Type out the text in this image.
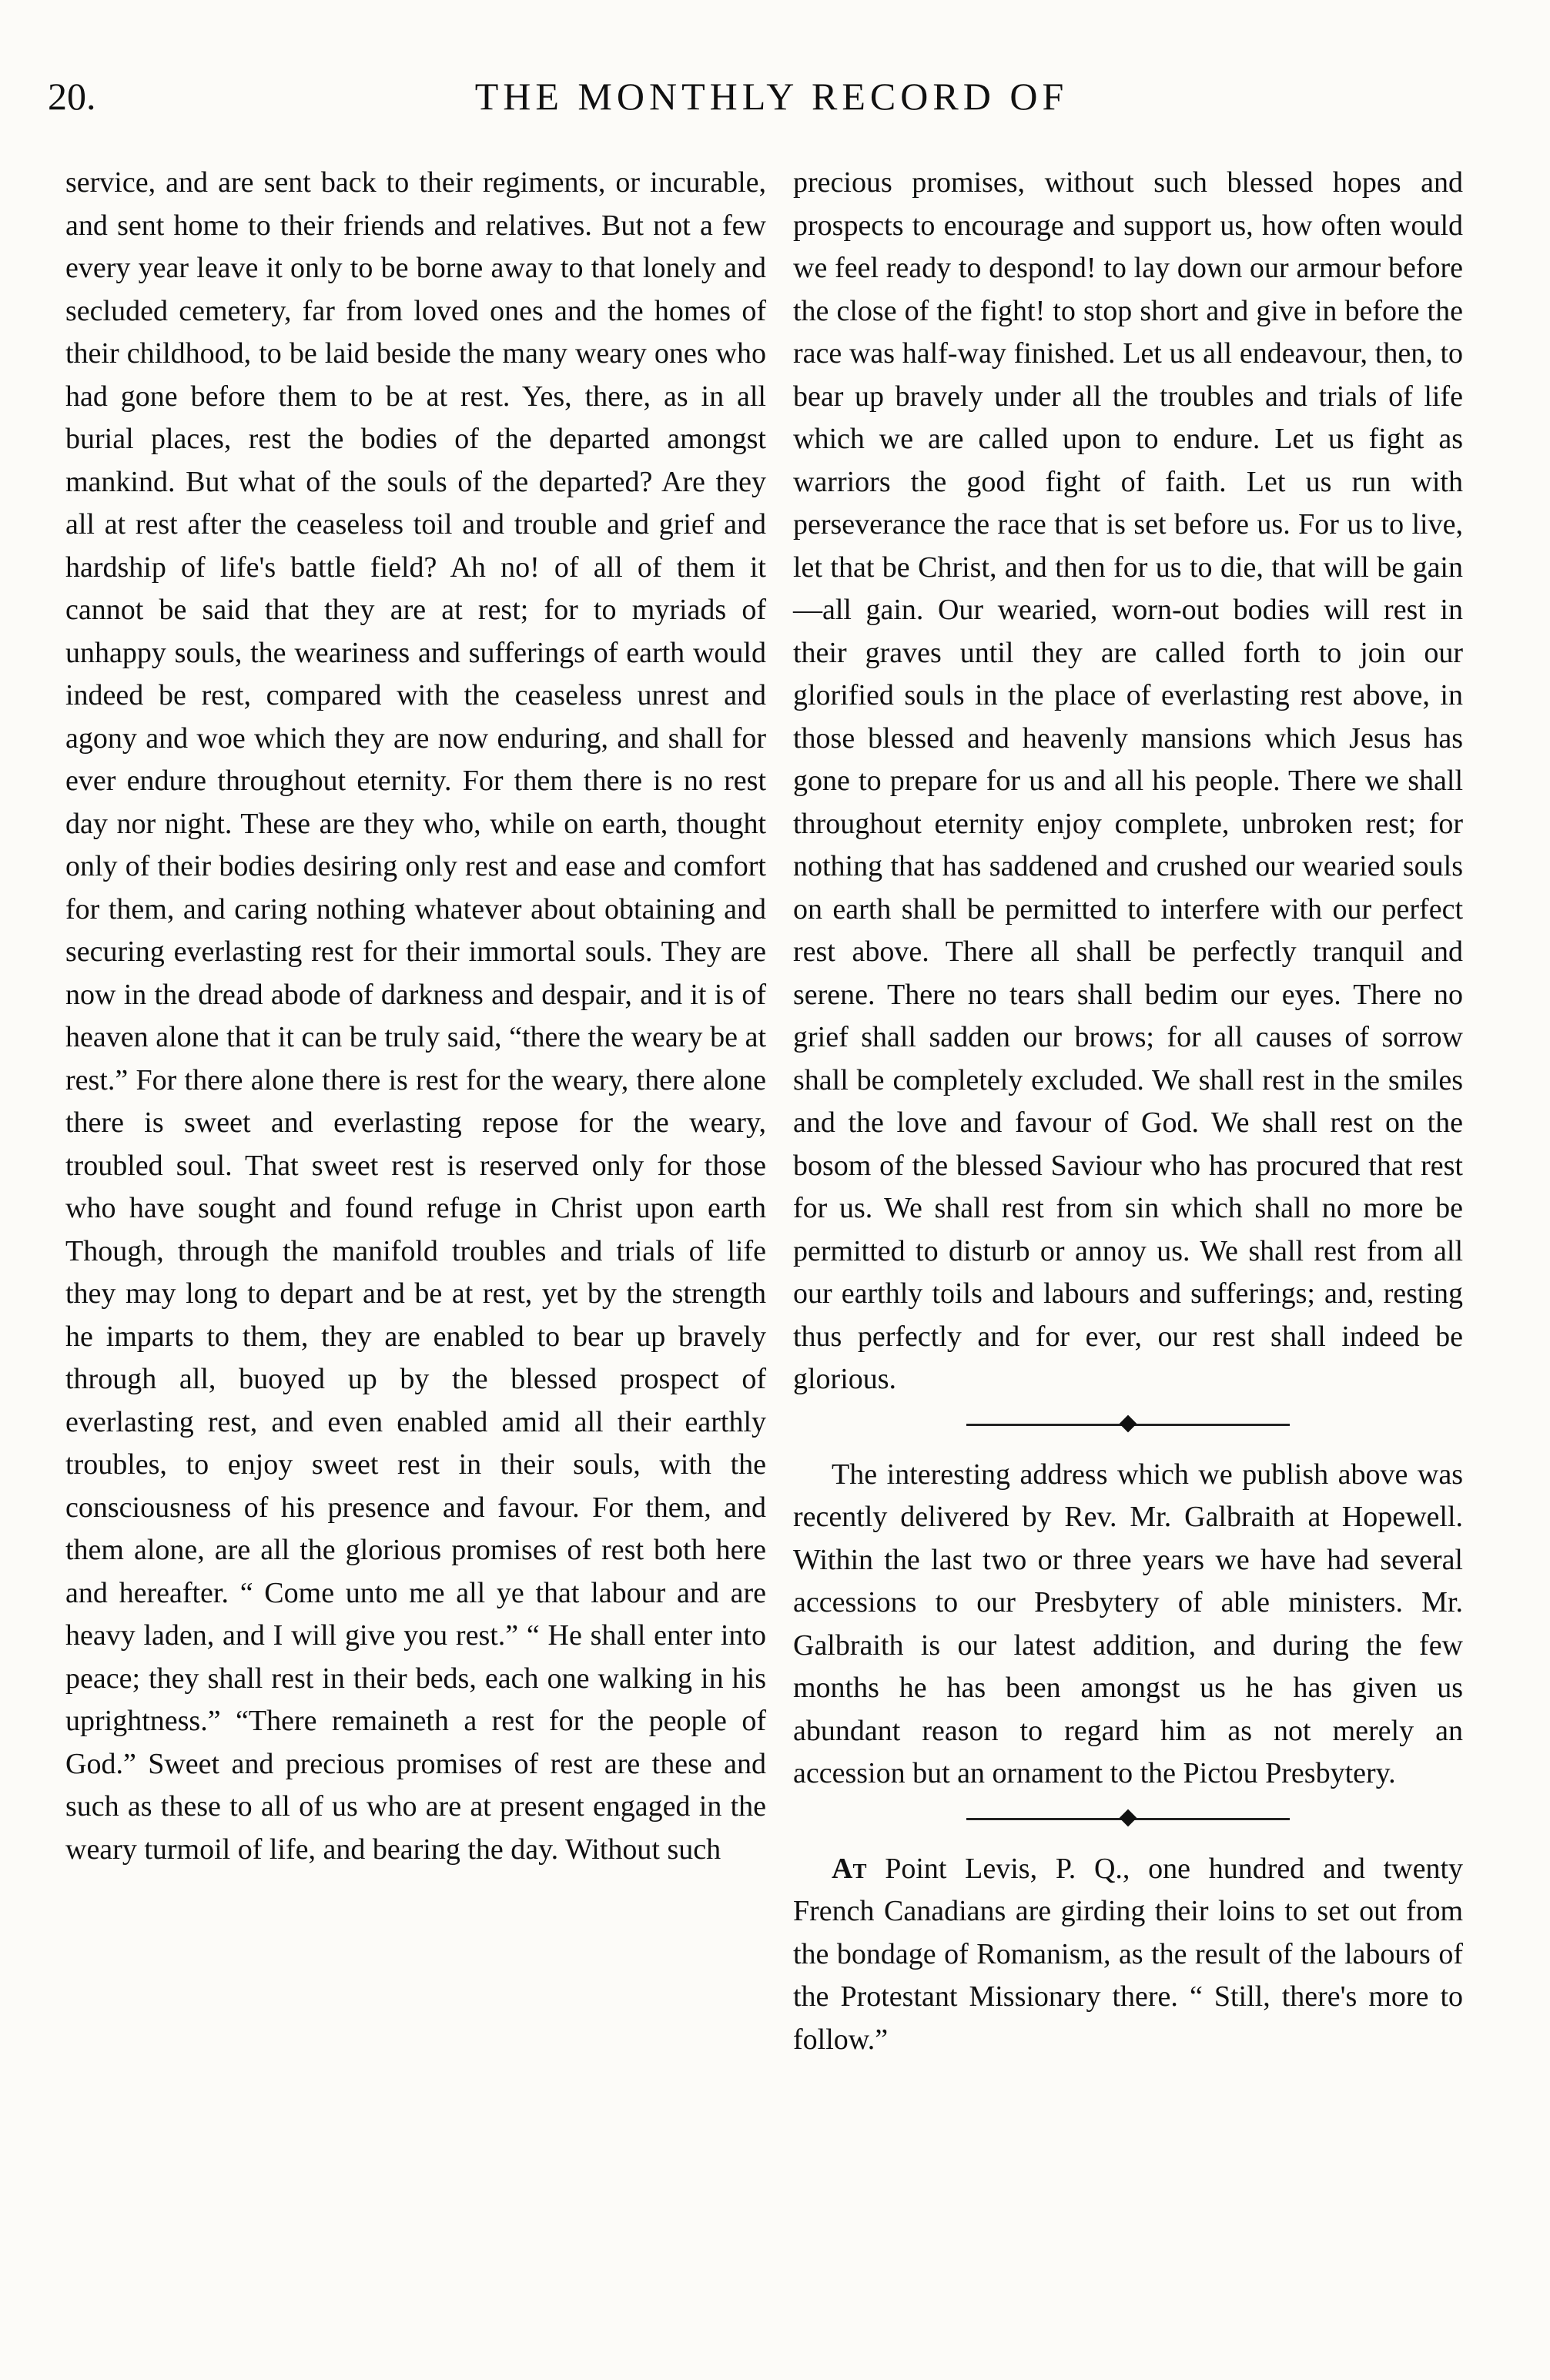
20.	THE MONTHLY RECORD OF

service, and are sent back to their regiments, or incurable, and sent home to their friends and relatives. But not a few every year leave it only to be borne away to that lonely and secluded cemetery, far from loved ones and the homes of their childhood, to be laid beside the many weary ones who had gone before them to be at rest. Yes, there, as in all burial places, rest the bodies of the departed amongst mankind. But what of the souls of the departed? Are they all at rest after the ceaseless toil and trouble and grief and hardship of life's battle field? Ah no! of all of them it cannot be said that they are at rest; for to myriads of unhappy souls, the weariness and sufferings of earth would indeed be rest, compared with the ceaseless unrest and agony and woe which they are now enduring, and shall for ever endure throughout eternity. For them there is no rest day nor night. These are they who, while on earth, thought only of their bodies desiring only rest and ease and comfort for them, and caring nothing whatever about obtaining and securing everlasting rest for their immortal souls. They are now in the dread abode of darkness and despair, and it is of heaven alone that it can be truly said, “there the weary be at rest.” For there alone there is rest for the weary, there alone there is sweet and everlasting repose for the weary, troubled soul. That sweet rest is reserved only for those who have sought and found refuge in Christ upon earth Though, through the manifold troubles and trials of life they may long to depart and be at rest, yet by the strength he imparts to them, they are enabled to bear up bravely through all, buoyed up by the blessed prospect of everlasting rest, and even enabled amid all their earthly troubles, to enjoy sweet rest in their souls, with the consciousness of his presence and favour. For them, and them alone, are all the glorious promises of rest both here and hereafter. “ Come unto me all ye that labour and are heavy laden, and I will give you rest.” “ He shall enter into peace; they shall rest in their beds, each one walking in his uprightness.” “There remaineth a rest for the people of God.” Sweet and precious promises of rest are these and such as these to all of us who are at present engaged in the weary turmoil of life, and bearing the day. Without such

precious promises, without such blessed hopes and prospects to encourage and support us, how often would we feel ready to despond! to lay down our armour before the close of the fight! to stop short and give in before the race was half-way finished. Let us all endeavour, then, to bear up bravely under all the troubles and trials of life which we are called upon to endure. Let us fight as warriors the good fight of faith. Let us run with perseverance the race that is set before us. For us to live, let that be Christ, and then for us to die, that will be gain—all gain. Our wearied, worn-out bodies will rest in their graves until they are called forth to join our glorified souls in the place of everlasting rest above, in those blessed and heavenly mansions which Jesus has gone to prepare for us and all his people. There we shall throughout eternity enjoy complete, unbroken rest; for nothing that has saddened and crushed our wearied souls on earth shall be permitted to interfere with our perfect rest above. There all shall be perfectly tranquil and serene. There no tears shall bedim our eyes. There no grief shall sadden our brows; for all causes of sorrow shall be completely excluded. We shall rest in the smiles and the love and favour of God. We shall rest on the bosom of the blessed Saviour who has procured that rest for us. We shall rest from sin which shall no more be permitted to disturb or annoy us. We shall rest from all our earthly toils and labours and sufferings; and, resting thus perfectly and for ever, our rest shall indeed be glorious.

The interesting address which we publish above was recently delivered by Rev. Mr. Galbraith at Hopewell. Within the last two or three years we have had several accessions to our Presbytery of able ministers. Mr. Galbraith is our latest addition, and during the few months he has been amongst us he has given us abundant reason to regard him as not merely an accession but an ornament to the Pictou Presbytery.

At Point Levis, P. Q., one hundred and twenty French Canadians are girding their loins to set out from the bondage of Romanism, as the result of the labours of the Protestant Missionary there. “ Still, there's more to follow.”
